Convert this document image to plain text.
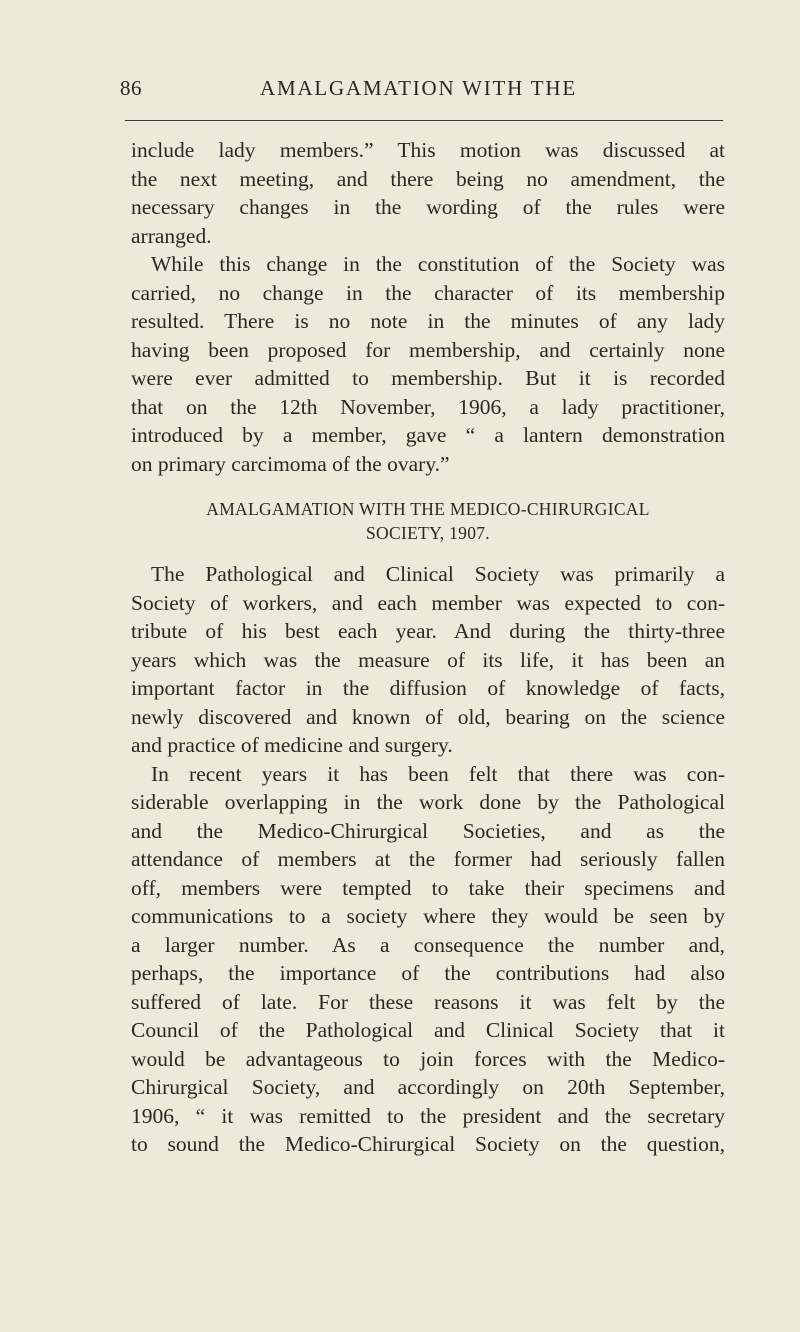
86	AMALGAMATION WITH THE
include lady members.” This motion was discussed at
the next meeting, and there being no amendment, the
necessary changes in the wording of the rules were
arranged.
While this change in the constitution of the Society was
carried, no change in the character of its membership
resulted. There is no note in the minutes of any lady
having been proposed for membership, and certainly none
were ever admitted to membership. But it is recorded
that on the 12th November, 1906, a lady practitioner,
introduced by a member, gave “ a lantern demonstration
on primary carcimoma of the ovary.”
AMALGAMATION WITH THE MEDICO-CHIRURGICAL
SOCIETY, 1907.
The Pathological and Clinical Society was primarily a
Society of workers, and each member was expected to con-
tribute of his best each year. And during the thirty-three
years which was the measure of its life, it has been an
important factor in the diffusion of knowledge of facts,
newly discovered and known of old, bearing on the science
and practice of medicine and surgery.
In recent years it has been felt that there was con-
siderable overlapping in the work done by the Pathological
and the Medico-Chirurgical Societies, and as the
attendance of members at the former had seriously fallen
off, members were tempted to take their specimens and
communications to a society where they would be seen by
a larger number. As a consequence the number and,
perhaps, the importance of the contributions had also
suffered of late. For these reasons it was felt by the
Council of the Pathological and Clinical Society that it
would be advantageous to join forces with the Medico-
Chirurgical Society, and accordingly on 20th September,
1906, “ it was remitted to the president and the secretary
to sound the Medico-Chirurgical Society on the question,
